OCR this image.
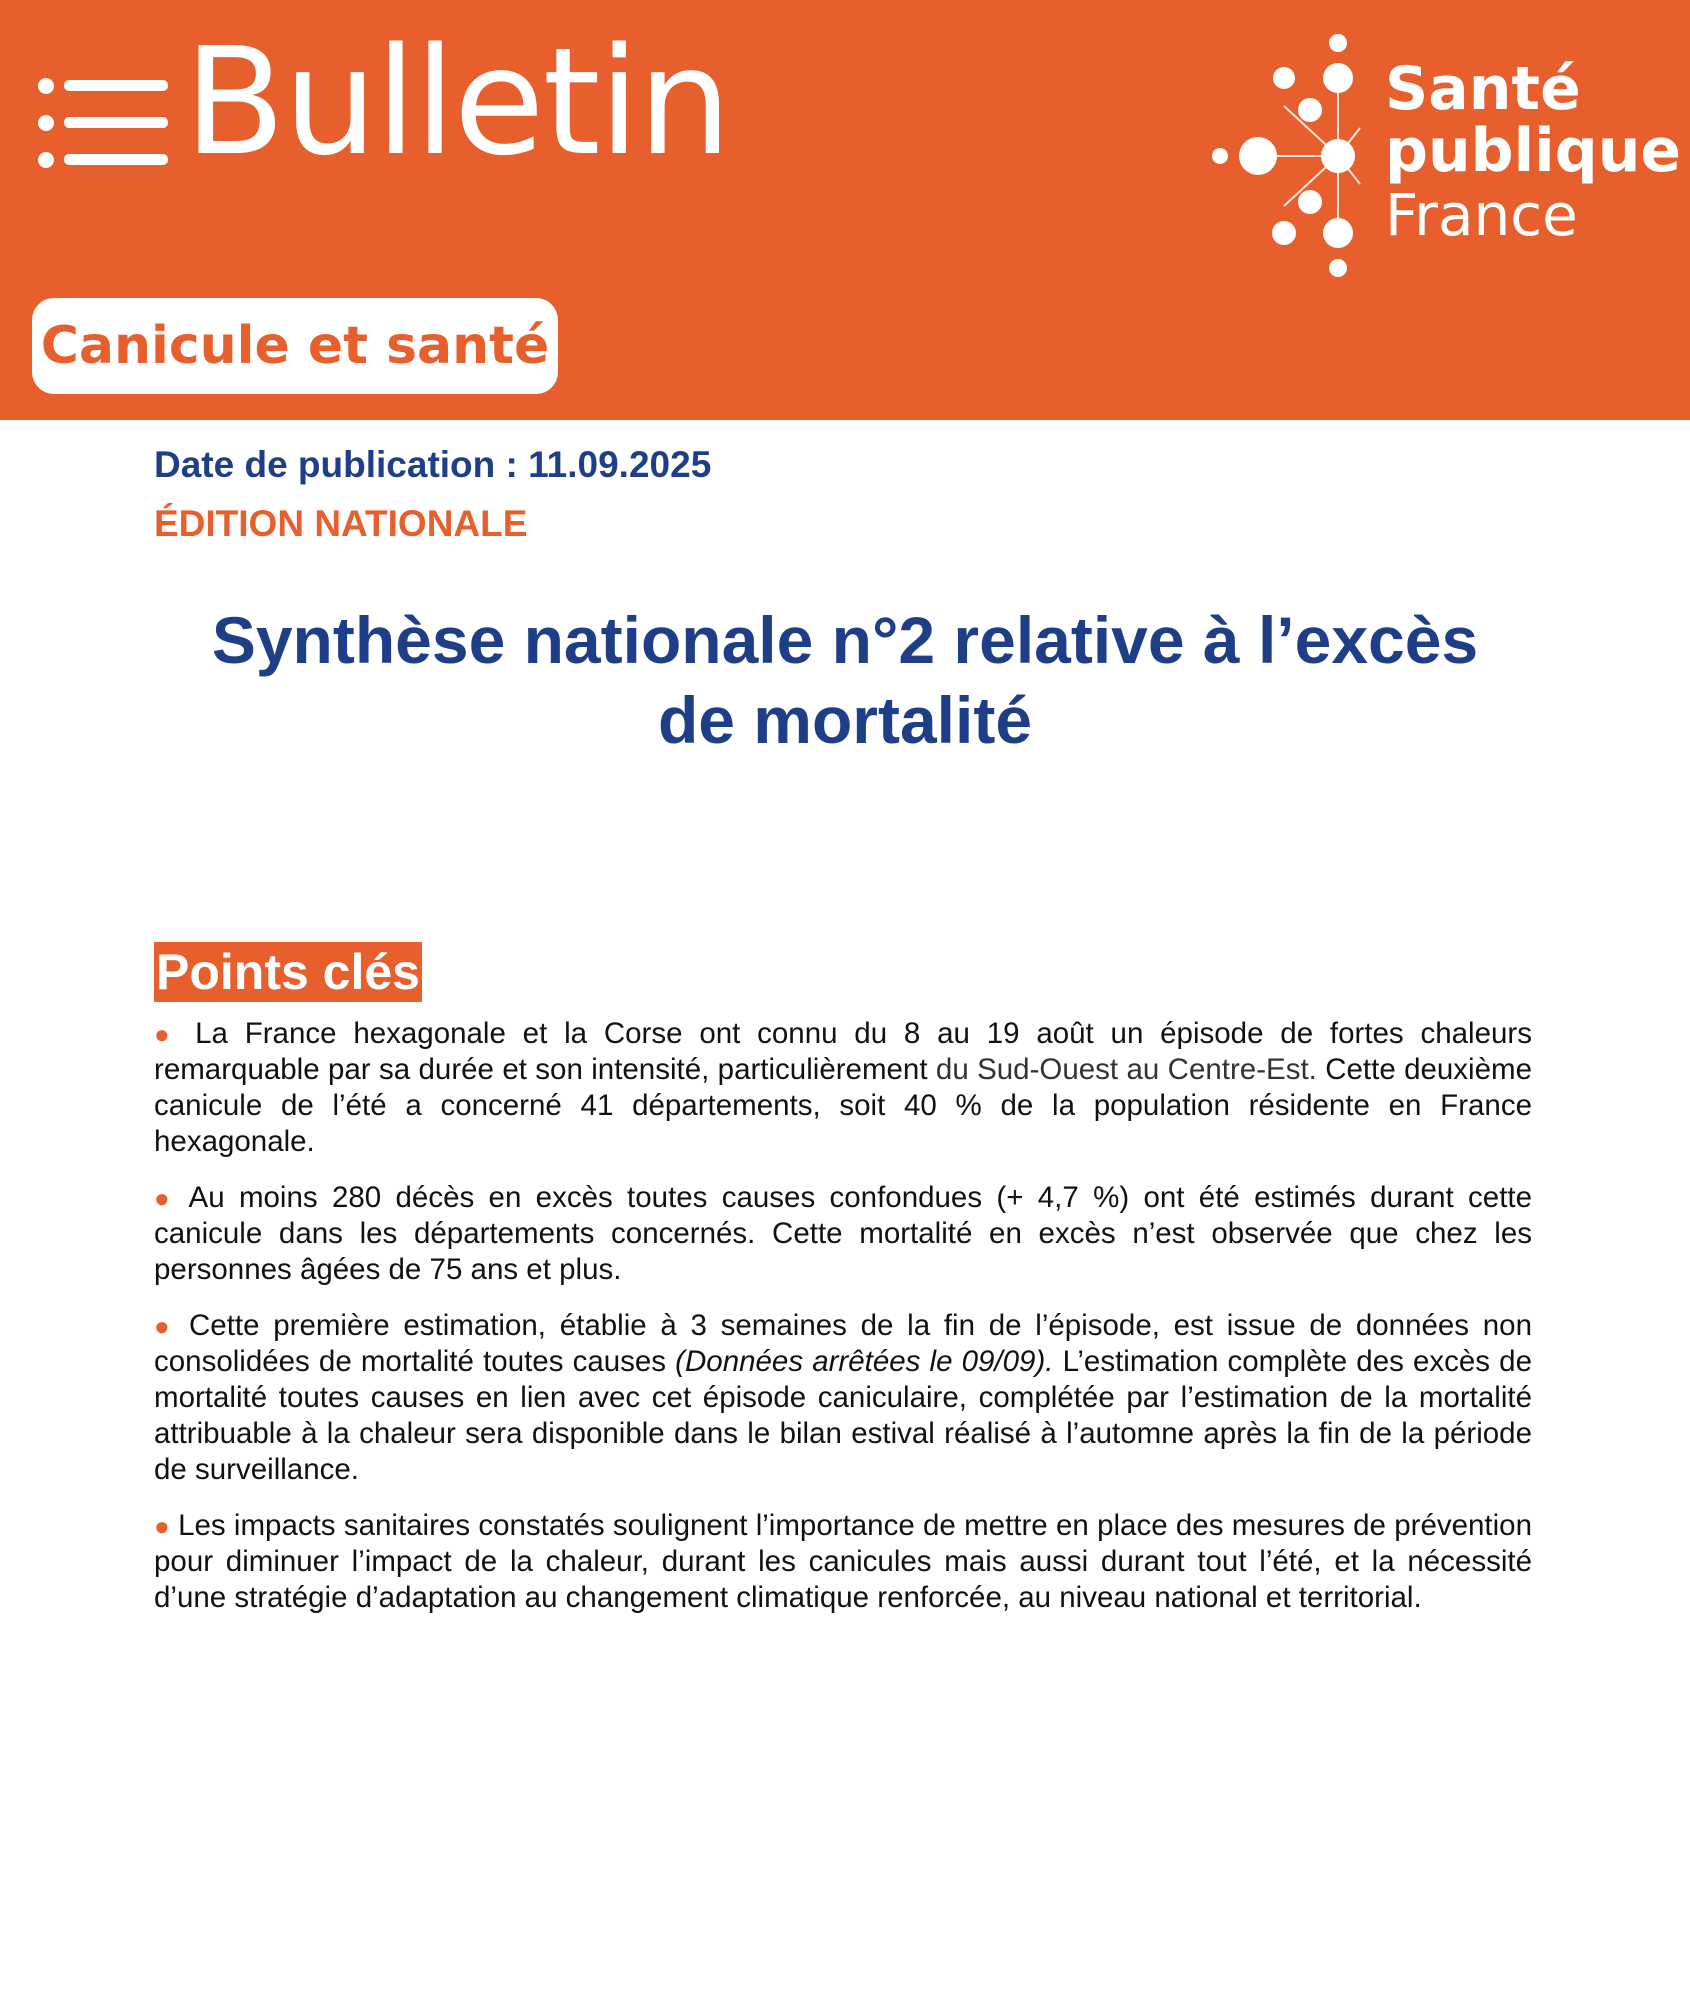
Bulletin	Santé
publique
France
Canicule et santé
Date de publication : 11.09.2025
ÉDITION NATIONALE
Synthèse nationale n°2 relative à l’excès
de mortalité
Points clés

● La France hexagonale et la Corse ont connu du 8 au 19 août un épisode de fortes chaleurs remarquable par sa durée et son intensité, particulièrement du Sud-Ouest au Centre-Est. Cette deuxième canicule de l’été a concerné 41 départements, soit 40 % de la population résidente en France hexagonale.

● Au moins 280 décès en excès toutes causes confondues (+ 4,7 %) ont été estimés durant cette canicule dans les départements concernés. Cette mortalité en excès n’est observée que chez les personnes âgées de 75 ans et plus.

● Cette première estimation, établie à 3 semaines de la fin de l’épisode, est issue de données non consolidées de mortalité toutes causes (Données arrêtées le 09/09). L’estimation complète des excès de mortalité toutes causes en lien avec cet épisode caniculaire, complétée par l’estimation de la mortalité attribuable à la chaleur sera disponible dans le bilan estival réalisé à l’automne après la fin de la période de surveillance.

● Les impacts sanitaires constatés soulignent l’importance de mettre en place des mesures de prévention pour diminuer l’impact de la chaleur, durant les canicules mais aussi durant tout l’été, et la nécessité d’une stratégie d’adaptation au changement climatique renforcée, au niveau national et territorial.
